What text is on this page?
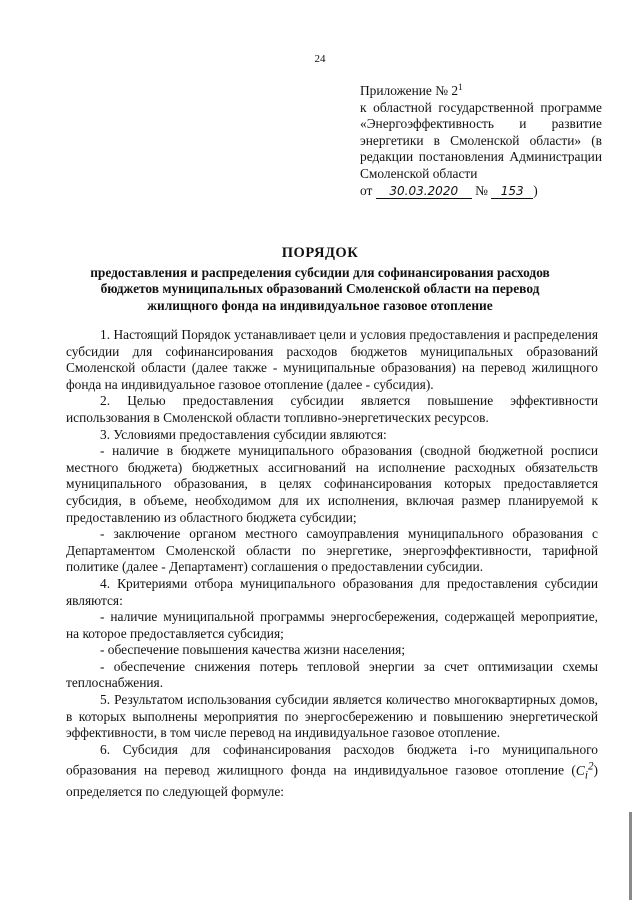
24
Приложение № $2^1$
к областной государственной программе «Энергоэффективность и развитие энергетики в Смоленской области» (в редакции постановления Администрации Смоленской области
от 30.03.2020 № 153 )
ПОРЯДОК
предоставления и распределения субсидии для софинансирования расходов бюджетов муниципальных образований Смоленской области на перевод жилищного фонда на индивидуальное газовое отопление

1. Настоящий Порядок устанавливает цели и условия предоставления и распределения субсидии для софинансирования расходов бюджетов муниципальных образований Смоленской области (далее также - муниципальные образования) на перевод жилищного фонда на индивидуальное газовое отопление (далее - субсидия).

2. Целью предоставления субсидии является повышение эффективности использования в Смоленской области топливно-энергетических ресурсов.

3. Условиями предоставления субсидии являются:

- наличие в бюджете муниципального образования (сводной бюджетной росписи местного бюджета) бюджетных ассигнований на исполнение расходных обязательств муниципального образования, в целях софинансирования которых предоставляется субсидия, в объеме, необходимом для их исполнения, включая размер планируемой к предоставлению из областного бюджета субсидии;

- заключение органом местного самоуправления муниципального образования с Департаментом Смоленской области по энергетике, энергоэффективности, тарифной политике (далее - Департамент) соглашения о предоставлении субсидии.

4. Критериями отбора муниципального образования для предоставления субсидии являются:

- наличие муниципальной программы энергосбережения, содержащей мероприятие, на которое предоставляется субсидия;

- обеспечение повышения качества жизни населения;

- обеспечение снижения потерь тепловой энергии за счет оптимизации схемы теплоснабжения.

5. Результатом использования субсидии является количество многоквартирных домов, в которых выполнены мероприятия по энергосбережению и повышению энергетической эффективности, в том числе перевод на индивидуальное газовое отопление.

6. Субсидия для софинансирования расходов бюджета i-го муниципального образования на перевод жилищного фонда на индивидуальное газовое отопление $(C_i^2)$ определяется по следующей формуле:
